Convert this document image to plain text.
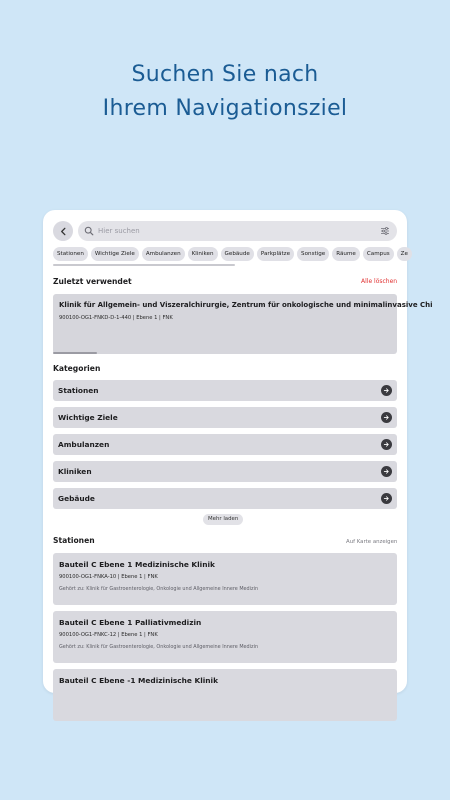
Suchen Sie nach
Ihrem Navigationsziel
Hier suchen
Stationen Wichtige Ziele Ambulanzen Kliniken Gebäude Parkplätze Sonstige Räume Campus Ze
Zuletzt verwendet	Alle löschen
Klinik für Allgemein- und Viszeralchirurgie, Zentrum für onkologische und minimalinvasive Chi
900100-OG1-FNKD-D-1-440 | Ebene 1 | FNK
Kategorien
Stationen
Wichtige Ziele
Ambulanzen
Kliniken
Gebäude
Mehr laden
Stationen	Auf Karte anzeigen
Bauteil C Ebene 1 Medizinische Klinik
900100-OG1-FNKA-10 | Ebene 1 | FNK
Gehört zu: Klinik für Gastroenterologie, Onkologie und Allgemeine Innere Medizin
Bauteil C Ebene 1 Palliativmedizin
900100-OG1-FNKC-12 | Ebene 1 | FNK
Gehört zu: Klinik für Gastroenterologie, Onkologie und Allgemeine Innere Medizin
Bauteil C Ebene -1 Medizinische Klinik
